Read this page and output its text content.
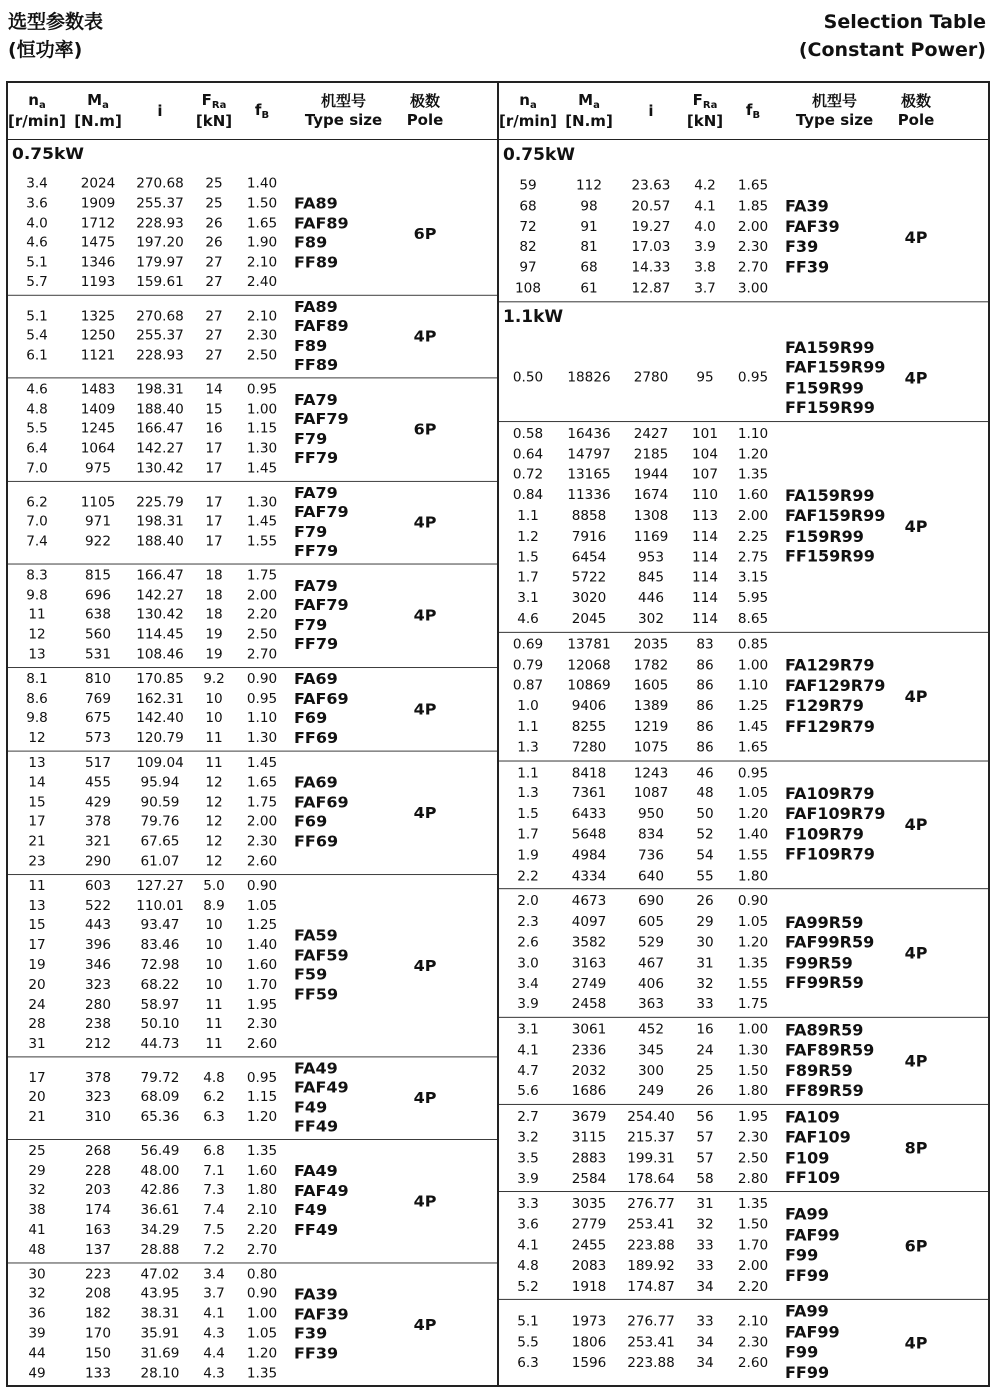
选型参数表
(恒功率)
Selection Table
(Constant Power)
$n_a$
[r/min]
$M_a$
[N.m]
i
$F_{Ra}$
[kN]
$f_B$
机型号
Type size
极数
Pole
0.75kW
3.4	2024	270.68	25	1.40
3.6	1909	255.37	25	1.50
4.0	1712	228.93	26	1.65
4.6	1475	197.20	26	1.90
5.1	1346	179.97	27	2.10
5.7	1193	159.61	27	2.40
FA89
FAF89
F89
FF89
6P
5.1	1325	270.68	27	2.10
5.4	1250	255.37	27	2.30
6.1	1121	228.93	27	2.50
FA89
FAF89
F89
FF89
4P
4.6	1483	198.31	14	0.95
4.8	1409	188.40	15	1.00
5.5	1245	166.47	16	1.15
6.4	1064	142.27	17	1.30
7.0	975	130.42	17	1.45
FA79
FAF79
F79
FF79
6P
6.2	1105	225.79	17	1.30
7.0	971	198.31	17	1.45
7.4	922	188.40	17	1.55
FA79
FAF79
F79
FF79
4P
8.3	815	166.47	18	1.75
9.8	696	142.27	18	2.00
11	638	130.42	18	2.20
12	560	114.45	19	2.50
13	531	108.46	19	2.70
FA79
FAF79
F79
FF79
4P
8.1	810	170.85	9.2	0.90
8.6	769	162.31	10	0.95
9.8	675	142.40	10	1.10
12	573	120.79	11	1.30
FA69
FAF69
F69
FF69
4P
13	517	109.04	11	1.45
14	455	95.94	12	1.65
15	429	90.59	12	1.75
17	378	79.76	12	2.00
21	321	67.65	12	2.30
23	290	61.07	12	2.60
FA69
FAF69
F69
FF69
4P
11	603	127.27	5.0	0.90
13	522	110.01	8.9	1.05
15	443	93.47	10	1.25
17	396	83.46	10	1.40
19	346	72.98	10	1.60
20	323	68.22	10	1.70
24	280	58.97	11	1.95
28	238	50.10	11	2.30
31	212	44.73	11	2.60
FA59
FAF59
F59
FF59
4P
17	378	79.72	4.8	0.95
20	323	68.09	6.2	1.15
21	310	65.36	6.3	1.20
FA49
FAF49
F49
FF49
4P
25	268	56.49	6.8	1.35
29	228	48.00	7.1	1.60
32	203	42.86	7.3	1.80
38	174	36.61	7.4	2.10
41	163	34.29	7.5	2.20
48	137	28.88	7.2	2.70
FA49
FAF49
F49
FF49
4P
30	223	47.02	3.4	0.80
32	208	43.95	3.7	0.90
36	182	38.31	4.1	1.00
39	170	35.91	4.3	1.05
44	150	31.69	4.4	1.20
49	133	28.10	4.3	1.35
FA39
FAF39
F39
FF39
4P
$n_a$
[r/min]
$M_a$
[N.m]
i
$F_{Ra}$
[kN]
$f_B$
机型号
Type size
极数
Pole
0.75kW
59	112	23.63	4.2	1.65
68	98	20.57	4.1	1.85
72	91	19.27	4.0	2.00
82	81	17.03	3.9	2.30
97	68	14.33	3.8	2.70
108	61	12.87	3.7	3.00
FA39
FAF39
F39
FF39
4P
1.1kW
0.50	18826	2780	95	0.95
FA159R99
FAF159R99
F159R99
FF159R99
4P
0.58	16436	2427	101	1.10
0.64	14797	2185	104	1.20
0.72	13165	1944	107	1.35
0.84	11336	1674	110	1.60
1.1	8858	1308	113	2.00
1.2	7916	1169	114	2.25
1.5	6454	953	114	2.75
1.7	5722	845	114	3.15
3.1	3020	446	114	5.95
4.6	2045	302	114	8.65
FA159R99
FAF159R99
F159R99
FF159R99
4P
0.69	13781	2035	83	0.85
0.79	12068	1782	86	1.00
0.87	10869	1605	86	1.10
1.0	9406	1389	86	1.25
1.1	8255	1219	86	1.45
1.3	7280	1075	86	1.65
FA129R79
FAF129R79
F129R79
FF129R79
4P
1.1	8418	1243	46	0.95
1.3	7361	1087	48	1.05
1.5	6433	950	50	1.20
1.7	5648	834	52	1.40
1.9	4984	736	54	1.55
2.2	4334	640	55	1.80
FA109R79
FAF109R79
F109R79
FF109R79
4P
2.0	4673	690	26	0.90
2.3	4097	605	29	1.05
2.6	3582	529	30	1.20
3.0	3163	467	31	1.35
3.4	2749	406	32	1.55
3.9	2458	363	33	1.75
FA99R59
FAF99R59
F99R59
FF99R59
4P
3.1	3061	452	16	1.00
4.1	2336	345	24	1.30
4.7	2032	300	25	1.50
5.6	1686	249	26	1.80
FA89R59
FAF89R59
F89R59
FF89R59
4P
2.7	3679	254.40	56	1.95
3.2	3115	215.37	57	2.30
3.5	2883	199.31	57	2.50
3.9	2584	178.64	58	2.80
FA109
FAF109
F109
FF109
8P
3.3	3035	276.77	31	1.35
3.6	2779	253.41	32	1.50
4.1	2455	223.88	33	1.70
4.8	2083	189.92	33	2.00
5.2	1918	174.87	34	2.20
FA99
FAF99
F99
FF99
6P
5.1	1973	276.77	33	2.10
5.5	1806	253.41	34	2.30
6.3	1596	223.88	34	2.60
FA99
FAF99
F99
FF99
4P
